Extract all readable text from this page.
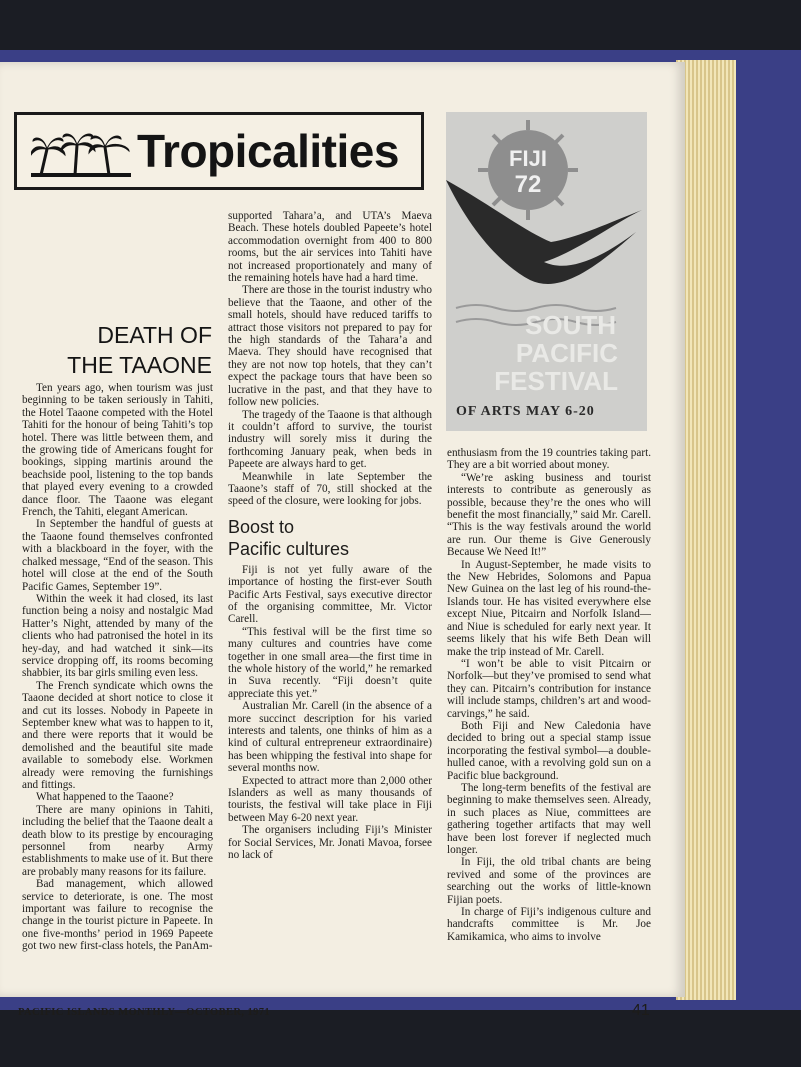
Tropicalities
DEATH OF
THE TAAONE

Ten years ago, when tourism was just beginning to be taken seriously in Tahiti, the Hotel Taaone competed with the Hotel Tahiti for the honour of being Tahiti’s top hotel. There was little between them, and the growing tide of Americans fought for bookings, sipping martinis around the beachside pool, listening to the top bands that played every evening to a crowded dance floor. The Taaone was elegant French, the Tahiti, elegant American.

In September the handful of guests at the Taaone found themselves confronted with a blackboard in the foyer, with the chalked message, “End of the season. This hotel will close at the end of the South Pacific Games, September 19”.

Within the week it had closed, its last function being a noisy and nostalgic Mad Hatter’s Night, attended by many of the clients who had patronised the hotel in its hey-day, and had watched it sink—its service dropping off, its rooms becoming shabbier, its bar girls smiling even less.

The French syndicate which owns the Taaone decided at short notice to close it and cut its losses. Nobody in Papeete in September knew what was to happen to it, and there were reports that it would be demolished and the beautiful site made available to somebody else. Workmen already were removing the furnishings and fittings.

What happened to the Taaone?

There are many opinions in Tahiti, including the belief that the Taaone dealt a death blow to its prestige by encouraging personnel from nearby Army establishments to make use of it. But there are probably many reasons for its failure.

Bad management, which allowed service to deteriorate, is one. The most important was failure to recognise the change in the tourist picture in Papeete. In one five-months’ period in 1969 Papeete got two new first-class hotels, the PanAm-

supported Tahara’a, and UTA’s Maeva Beach. These hotels doubled Papeete’s hotel accommodation overnight from 400 to 800 rooms, but the air services into Tahiti have not increased proportionately and many of the remaining hotels have had a hard time.

There are those in the tourist industry who believe that the Taaone, and other of the small hotels, should have reduced tariffs to attract those visitors not prepared to pay for the high standards of the Tahara’a and Maeva. They should have recognised that they are not now top hotels, that they can’t expect the package tours that have been so lucrative in the past, and that they have to follow new policies.

The tragedy of the Taaone is that although it couldn’t afford to survive, the tourist industry will sorely miss it during the forthcoming January peak, when beds in Papeete are always hard to get.

Meanwhile in late September the Taaone’s staff of 70, still shocked at the speed of the closure, were looking for jobs.

Boost to
Pacific cultures

Fiji is not yet fully aware of the importance of hosting the first-ever South Pacific Arts Festival, says executive director of the organising committee, Mr. Victor Carell.

“This festival will be the first time so many cultures and countries have come together in one small area—the first time in the whole history of the world,” he remarked in Suva recently. “Fiji doesn’t quite appreciate this yet.”

Australian Mr. Carell (in the absence of a more succinct description for his varied interests and talents, one thinks of him as a kind of cultural entrepreneur extraordinaire) has been whipping the festival into shape for several months now.

Expected to attract more than 2,000 other Islanders as well as many thousands of tourists, the festival will take place in Fiji between May 6-20 next year.

The organisers including Fiji’s Minister for Social Services, Mr. Jonati Mavoa, forsee no lack of

FIJI
72
SOUTH
PACIFIC
FESTIVAL
OF ARTS MAY 6-20

enthusiasm from the 19 countries taking part. They are a bit worried about money.

“We’re asking business and tourist interests to contribute as generously as possible, because they’re the ones who will benefit the most financially,” said Mr. Carell. “This is the way festivals around the world are run. Our theme is Give Generously Because We Need It!”

In August-September, he made visits to the New Hebrides, Solomons and Papua New Guinea on the last leg of his round-the-Islands tour. He has visited everywhere else except Niue, Pitcairn and Norfolk Island—and Niue is scheduled for early next year. It seems likely that his wife Beth Dean will make the trip instead of Mr. Carell.

“I won’t be able to visit Pitcairn or Norfolk—but they’ve promised to send what they can. Pitcairn’s contribution for instance will include stamps, children’s art and wood-carvings,” he said.

Both Fiji and New Caledonia have decided to bring out a special stamp issue incorporating the festival symbol—a double-hulled canoe, with a revolving gold sun on a Pacific blue background.

The long-term benefits of the festival are beginning to make themselves seen. Already, in such places as Niue, committees are gathering together artifacts that may well have been lost forever if neglected much longer.

In Fiji, the old tribal chants are being revived and some of the provinces are searching out the works of little-known Fijian poets.

In charge of Fiji’s indigenous culture and handcrafts committee is Mr. Joe Kamikamica, who aims to involve

PACIFIC ISLANDS MONTHLY—OCTOBER, 1971	41
